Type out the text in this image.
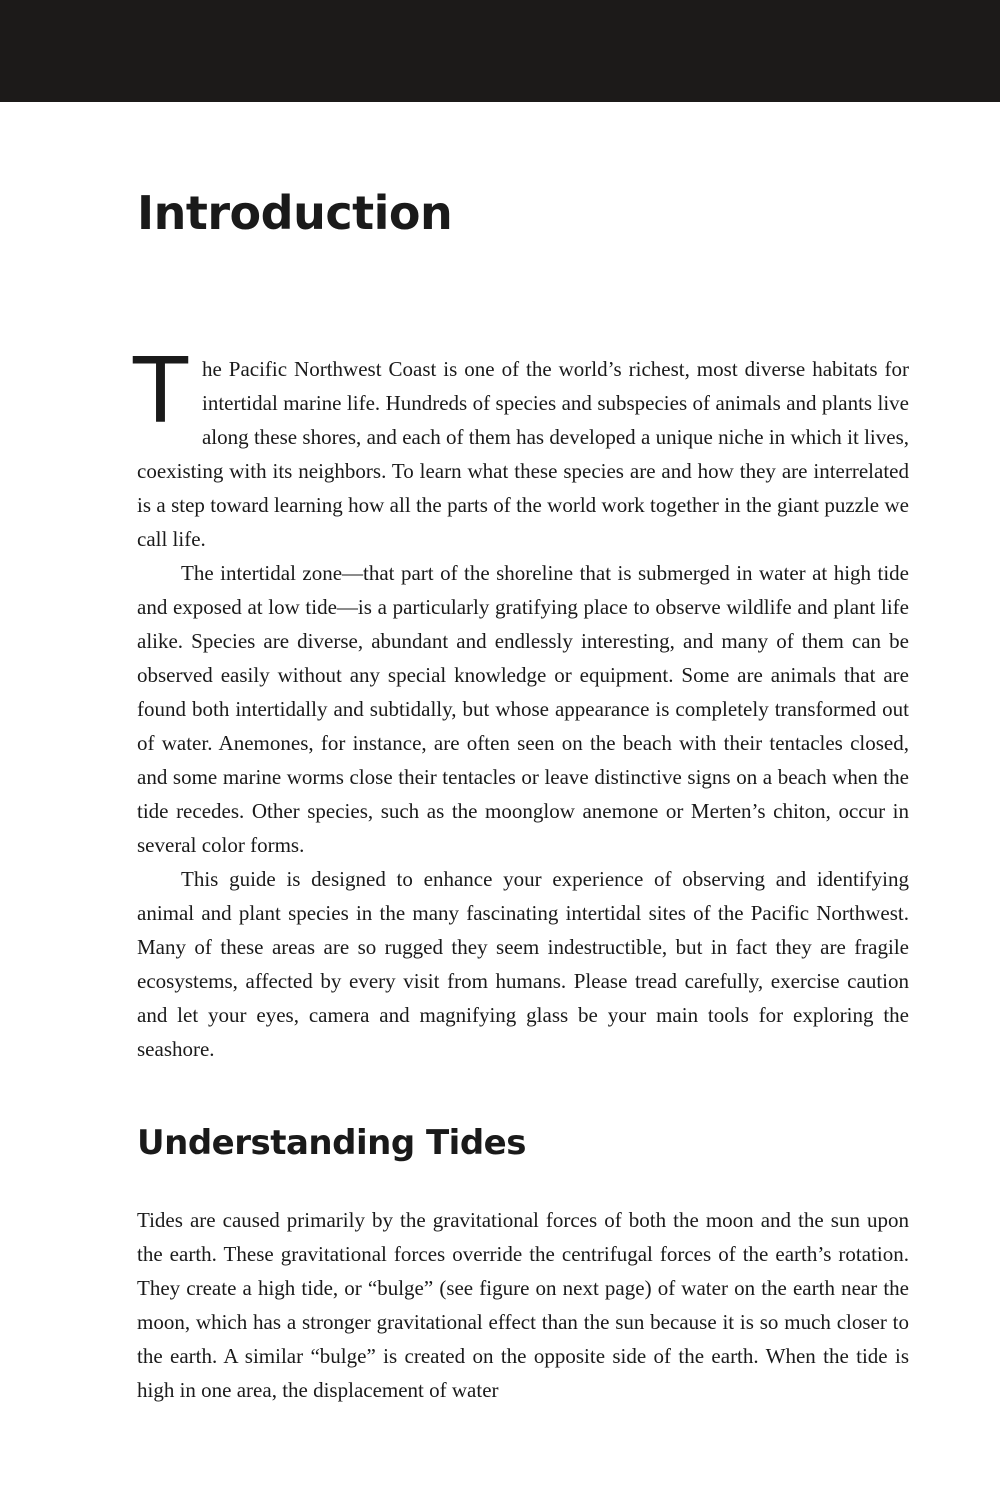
Introduction

The Pacific Northwest Coast is one of the world’s richest, most diverse habitats for intertidal marine life. Hundreds of species and subspecies of animals and plants live along these shores, and each of them has developed a unique niche in which it lives, coexisting with its neighbors. To learn what these species are and how they are interrelated is a step toward learning how all the parts of the world work together in the giant puzzle we call life.

The intertidal zone—that part of the shoreline that is submerged in water at high tide and exposed at low tide—is a particularly gratifying place to observe wildlife and plant life alike. Species are diverse, abundant and endlessly interesting, and many of them can be observed easily without any special knowledge or equipment. Some are animals that are found both intertidally and subtidally, but whose appearance is completely transformed out of water. Anemones, for instance, are often seen on the beach with their tentacles closed, and some marine worms close their tentacles or leave distinctive signs on a beach when the tide recedes. Other species, such as the moonglow anemone or Merten’s chiton, occur in several color forms.

This guide is designed to enhance your experience of observing and identifying animal and plant species in the many fascinating intertidal sites of the Pacific Northwest. Many of these areas are so rugged they seem indestructible, but in fact they are fragile ecosystems, affected by every visit from humans. Please tread carefully, exercise caution and let your eyes, camera and magnifying glass be your main tools for exploring the seashore.

Understanding Tides

Tides are caused primarily by the gravitational forces of both the moon and the sun upon the earth. These gravitational forces override the centrifugal forces of the earth’s rotation. They create a high tide, or “bulge” (see figure on next page) of water on the earth near the moon, which has a stronger gravitational effect than the sun because it is so much closer to the earth. A similar “bulge” is created on the opposite side of the earth. When the tide is high in one area, the displacement of water
